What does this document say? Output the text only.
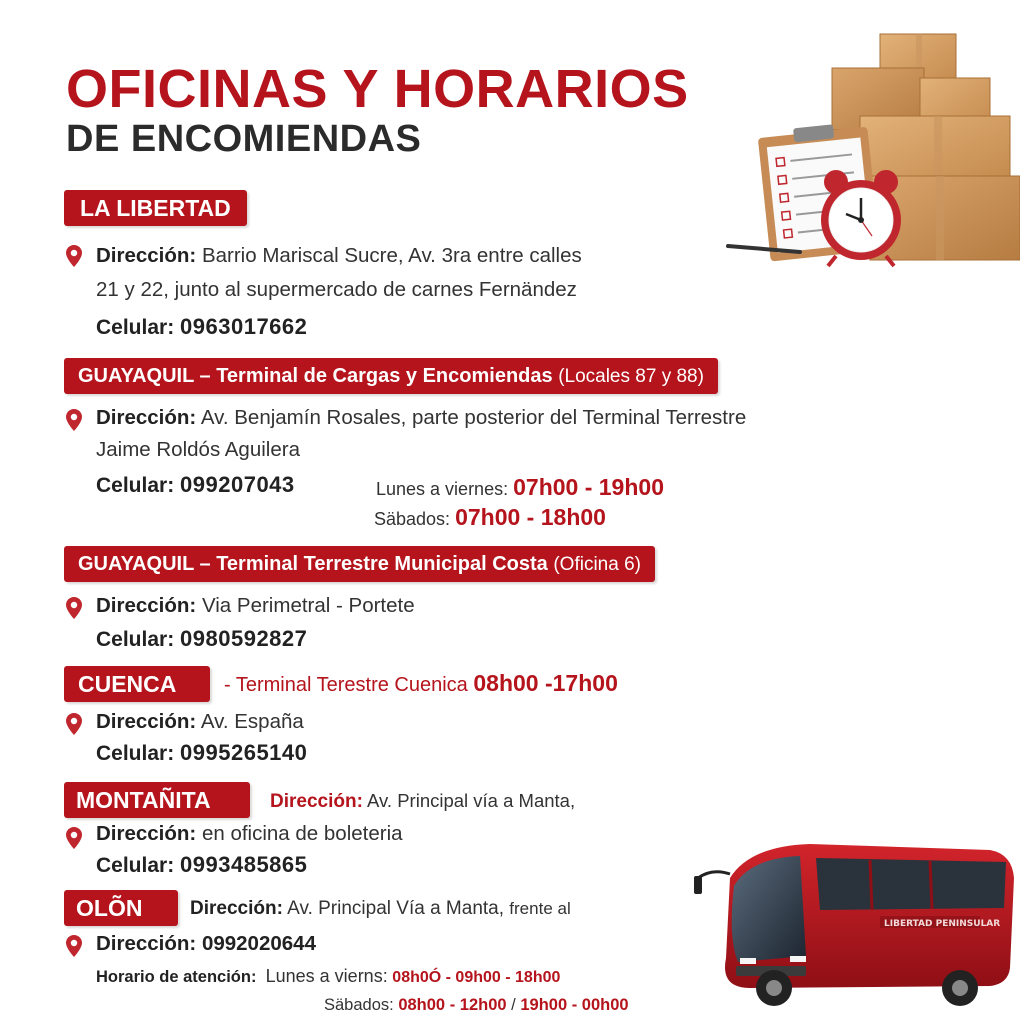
OFICINAS Y HORARIOS
DE ENCOMIENDAS
LA LIBERTAD
Dirección: Barrio Mariscal Sucre, Av. 3ra entre calles
21 y 22, junto al supermercado de carnes Fernändez
Celular: 0963017662
GUAYAQUIL – Terminal de Cargas y Encomiendas (Locales 87 y 88)
Dirección: Av. Benjamín Rosales, parte posterior del Terminal Terrestre
Jaime Roldós Aguilera
Celular: 099207043	Lunes a viernes: 07h00 - 19h00
Säbados: 07h00 - 18h00
GUAYAQUIL – Terminal Terrestre Municipal Costa (Oficina 6)
Dirección: Via Perimetral - Portete
Celular: 0980592827
CUENCA	- Terminal Terestre Cuenica 08h00 -17h00
Dirección: Av. España
Celular: 0995265140
MONTAÑITA	Dirección: Av. Principal vía a Manta,
Dirección: en oficina de boleteria
Celular: 0993485865
OLÕN	Dirección: Av. Principal Vía a Manta, frente al
Dirección: 0992020644
Horario de atención: Lunes a vierns: 08h0Ó - 09h00 - 18h00
Säbados: 08h00 - 12h00 / 19h00 - 00h00
LIBERTAD PENINSULAR
